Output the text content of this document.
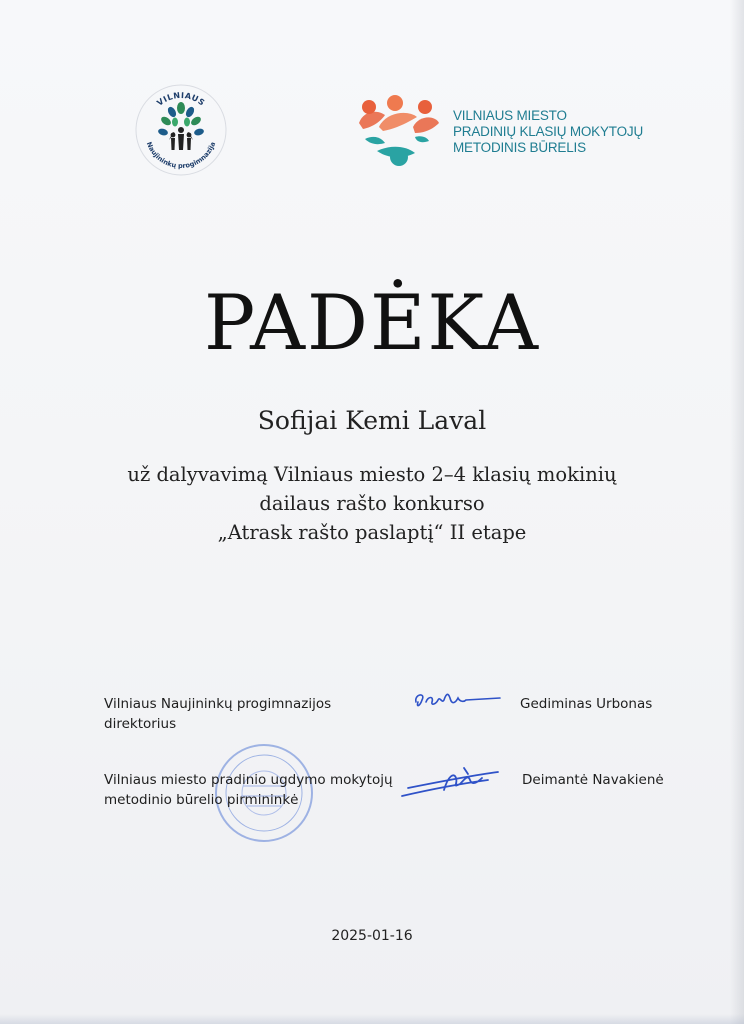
VILNIAUS
Naujininkų progimnazija
VILNIAUS MIESTO
PRADINIŲ KLASIŲ MOKYTOJŲ
METODINIS BŪRELIS
PADĖKA
Sofijai Kemi Laval
už dalyvavimą Vilniaus miesto 2–4 klasių mokinių
dailaus rašto konkurso
„Atrask rašto paslaptį“ II etape
Vilniaus Naujininkų progimnazijos
direktorius
Gediminas Urbonas
Vilniaus miesto pradinio ugdymo mokytojų
metodinio būrelio pirmininkė
Deimantė Navakienė
2025-01-16
